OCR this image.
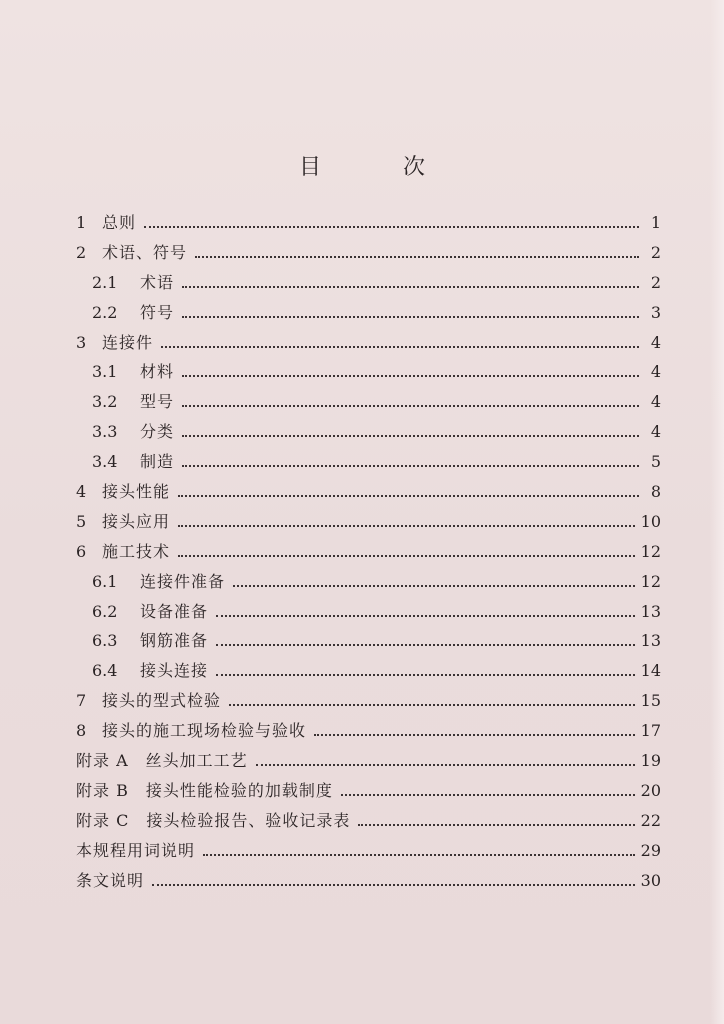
目　次
1 总则	1
2 术语、符号	2
2.1	术语	2
2.2	符号	3
3 连接件	4
3.1	材料	4
3.2	型号	4
3.3	分类	4
3.4	制造	5
4 接头性能	8
5 接头应用	10
6 施工技术	12
6.1	连接件准备	12
6.2	设备准备	13
6.3	钢筋准备	13
6.4	接头连接	14
7 接头的型式检验	15
8 接头的施工现场检验与验收	17
附录 A　丝头加工工艺	19
附录 B　接头性能检验的加载制度	20
附录 C　接头检验报告、验收记录表	22
本规程用词说明	29
条文说明	30
